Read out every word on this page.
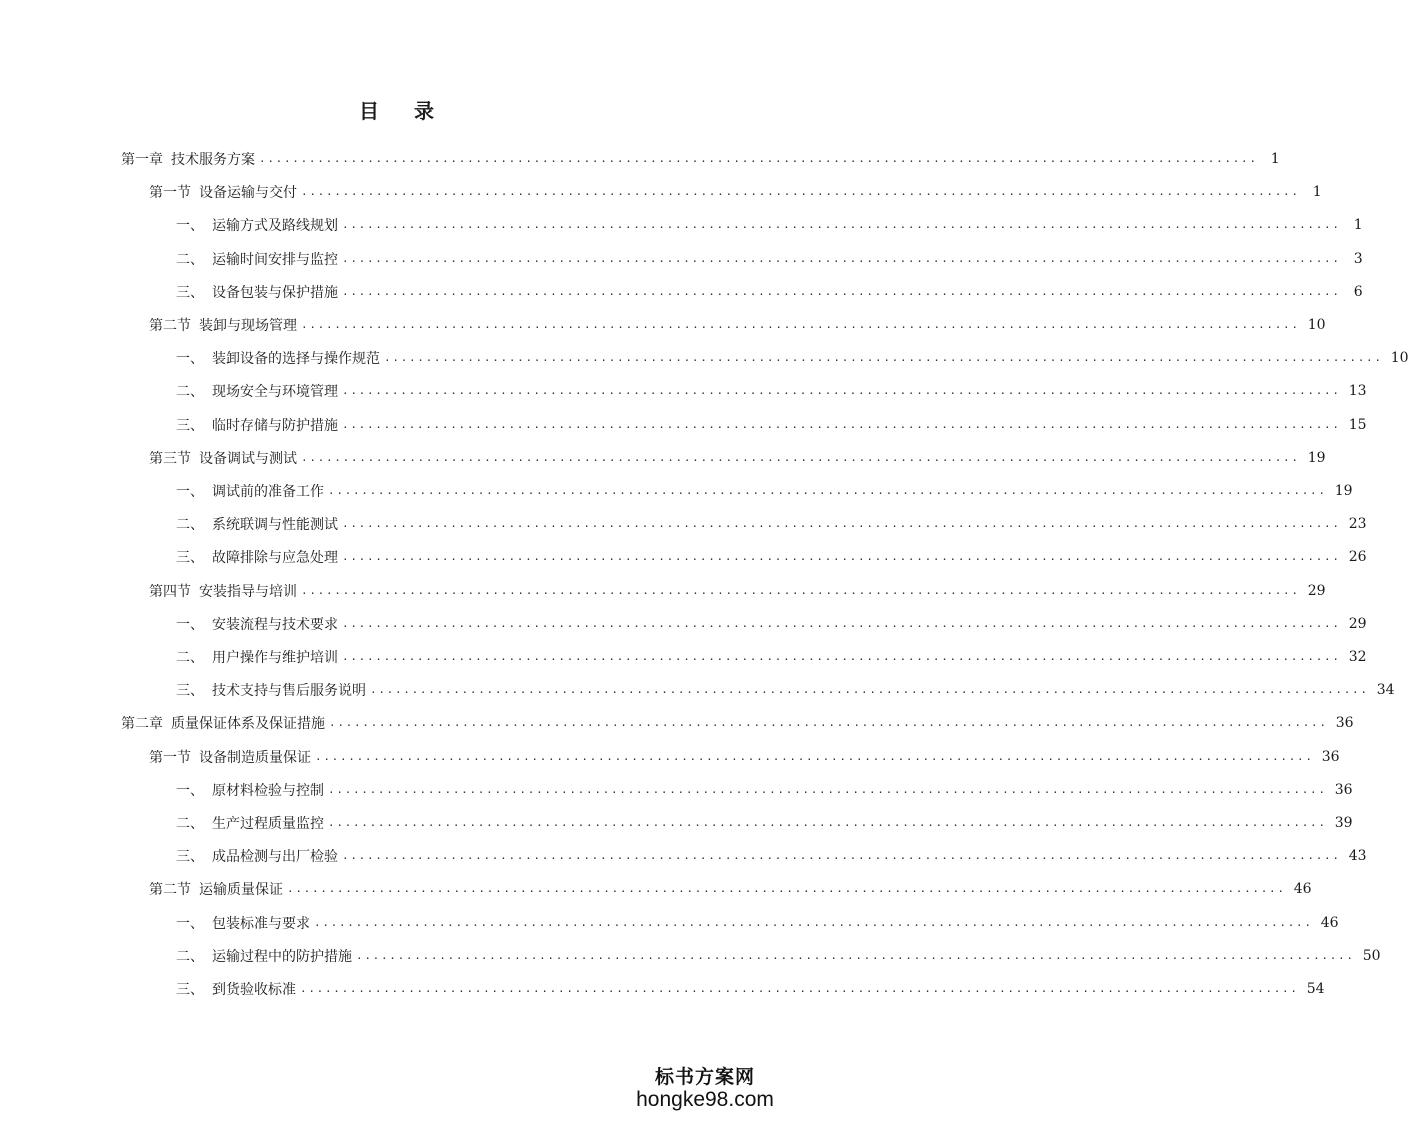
目 录
第一章 技术服务方案 ........................................................................................................................ 1
第一节 设备运输与交付 ........................................................................................................................ 1
一、 运输方式及路线规划 ........................................................................................................................ 1
二、 运输时间安排与监控 ........................................................................................................................ 3
三、 设备包装与保护措施 ........................................................................................................................ 6
第二节 装卸与现场管理 ........................................................................................................................ 10
一、 装卸设备的选择与操作规范 ........................................................................................................................ 10
二、 现场安全与环境管理 ........................................................................................................................ 13
三、 临时存储与防护措施 ........................................................................................................................ 15
第三节 设备调试与测试 ........................................................................................................................ 19
一、 调试前的准备工作 ........................................................................................................................ 19
二、 系统联调与性能测试 ........................................................................................................................ 23
三、 故障排除与应急处理 ........................................................................................................................ 26
第四节 安装指导与培训 ........................................................................................................................ 29
一、 安装流程与技术要求 ........................................................................................................................ 29
二、 用户操作与维护培训 ........................................................................................................................ 32
三、 技术支持与售后服务说明 ........................................................................................................................ 34
第二章 质量保证体系及保证措施 ........................................................................................................................ 36
第一节 设备制造质量保证 ........................................................................................................................ 36
一、 原材料检验与控制 ........................................................................................................................ 36
二、 生产过程质量监控 ........................................................................................................................ 39
三、 成品检测与出厂检验 ........................................................................................................................ 43
第二节 运输质量保证 ........................................................................................................................ 46
一、 包装标准与要求 ........................................................................................................................ 46
二、 运输过程中的防护措施 ........................................................................................................................ 50
三、 到货验收标准 ........................................................................................................................ 54
标书方案网
hongke98.com
